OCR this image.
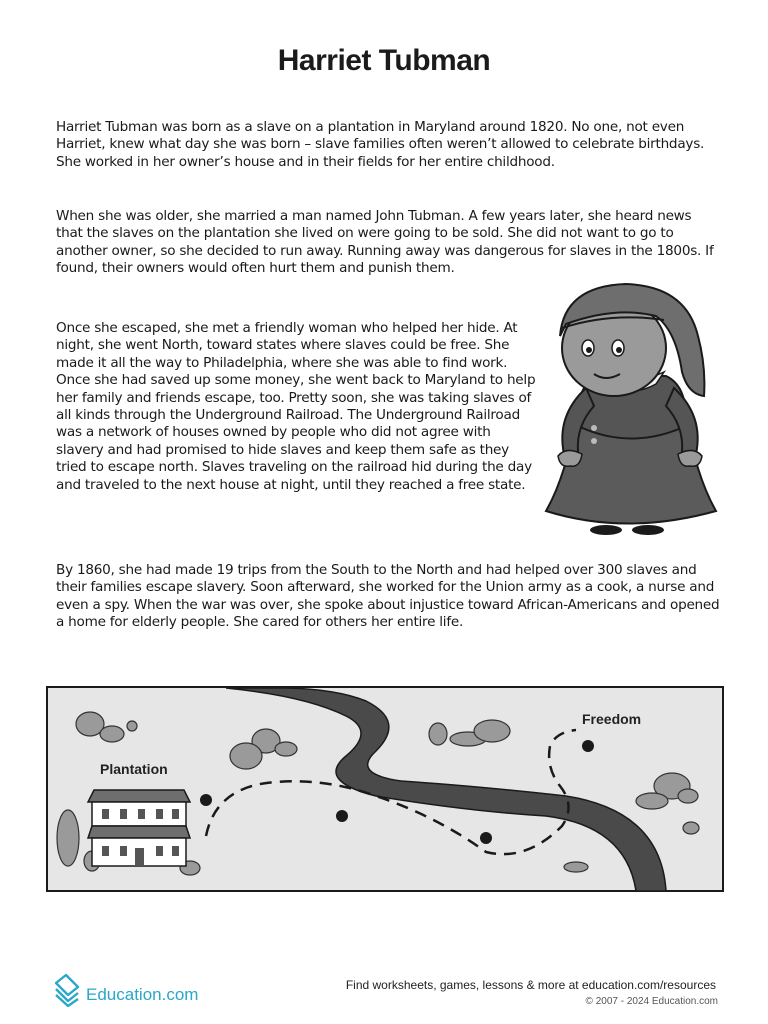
Harriet Tubman

Harriet Tubman was born as a slave on a plantation in Maryland around 1820. No one, not even Harriet, knew what day she was born – slave families often weren’t allowed to celebrate birthdays. She worked in her owner’s house and in their fields for her entire childhood.

When she was older, she married a man named John Tubman. A few years later, she heard news that the slaves on the plantation she lived on were going to be sold. She did not want to go to another owner, so she decided to run away. Running away was dangerous for slaves in the 1800s. If found, their owners would often hurt them and punish them.

Once she escaped, she met a friendly woman who helped her hide. At night, she went North, toward states where slaves could be free. She made it all the way to Philadelphia, where she was able to find work. Once she had saved up some money, she went back to Maryland to help her family and friends escape, too. Pretty soon, she was taking slaves of all kinds through the Underground Railroad. The Underground Railroad was a network of houses owned by people who did not agree with slavery and had promised to hide slaves and keep them safe as they tried to escape north. Slaves traveling on the railroad hid during the day and traveled to the next house at night, until they reached a free state.

By 1860, she had made 19 trips from the South to the North and had helped over 300 slaves and their families escape slavery. Soon afterward, she worked for the Union army as a cook, a nurse and even a spy. When the war was over, she spoke about injustice toward African-Americans and opened a home for elderly people. She cared for others her entire life.

Plantation
Freedom
Education.com	Find worksheets, games, lessons & more at education.com/resources
© 2007 - 2024 Education.com
